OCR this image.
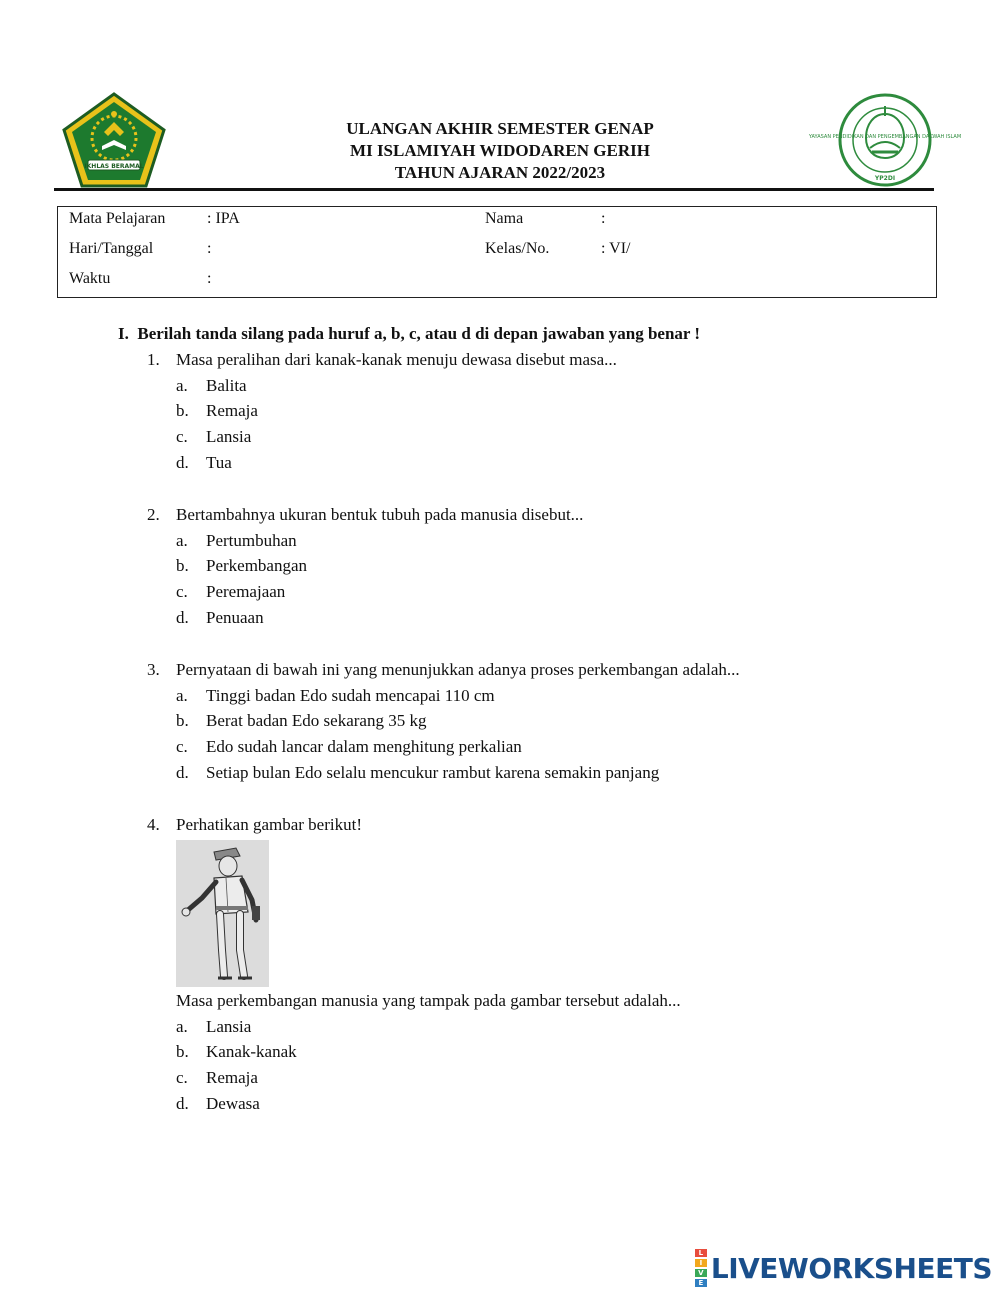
IKHLAS BERAMAL
ULANGAN AKHIR SEMESTER GENAP
MI ISLAMIYAH WIDODAREN GERIH
TAHUN AJARAN 2022/2023
YAYASAN PENDIDIKAN DAN PENGEMBANGAN DAKWAH ISLAM
YP2DI
Mata Pelajaran	: IPA	Nama	:
Hari/Tanggal	:	Kelas/No.	: VI/
Waktu	:
I. Berilah tanda silang pada huruf a, b, c, atau d di depan jawaban yang benar !
1. Masa peralihan dari kanak-kanak menuju dewasa disebut masa...
a. Balita
b. Remaja
c. Lansia
d. Tua
2. Bertambahnya ukuran bentuk tubuh pada manusia disebut...
a. Pertumbuhan
b. Perkembangan
c. Peremajaan
d. Penuaan
3. Pernyataan di bawah ini yang menunjukkan adanya proses perkembangan adalah...
a. Tinggi badan Edo sudah mencapai 110 cm
b. Berat badan Edo sekarang 35 kg
c. Edo sudah lancar dalam menghitung perkalian
d. Setiap bulan Edo selalu mencukur rambut karena semakin panjang
4. Perhatikan gambar berikut!
Masa perkembangan manusia yang tampak pada gambar tersebut adalah...
a. Lansia
b. Kanak-kanak
c. Remaja
d. Dewasa
L
I
V
E LIVEWORKSHEETS
